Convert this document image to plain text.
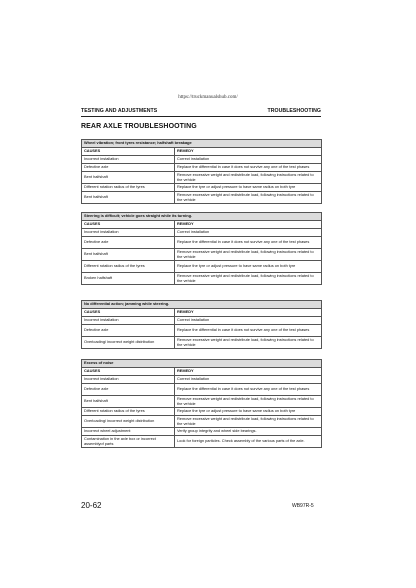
https://truckmanualshub.com/
TESTING AND ADJUSTMENTS	TROUBLESHOOTING
REAR AXLE TROUBLESHOOTING
Wheel vibration; front tyres resistance; halfshaft breakage	
CAUSES	REMEDY
Incorrect installation	Correct installation
Defective axle	Replace the differential in case it does not survive any one of the test phases
Bent halfshaft	Remove excessive weight and redistribute load, following instructions related to the vehicle
Different rotation radius of the tyres	Replace the tyre or adjust pressure to have same radius on both tyre
Bent halfshaft	Remove excessive weight and redistribute load, following instructions related to the vehicle
Steering is difficult; vehicle goes straight while its turning.	
CAUSES	REMEDY
Incorrect installation	Correct installation
Defective axle	Replace the differential in case it does not survive any one of the test phases
Bent halfshaft	Remove excessive weight and redistribute load, following instructions related to the vehicle
Different rotation radius of the tyres	Replace the tyre or adjust pressure to have same radius on both tyre
Broken halfshaft	Remove excessive weight and redistribute load, following instructions related to the vehicle
No differential action; jamming while steering.	
CAUSES	REMEDY
Incorrect installation	Correct installation
Defective axle	Replace the differential in case it does not survive any one of the test phases
Overloading/ incorrect weight distribution	Remove excessive weight and redistribute load, following instructions related to the vehicle
Excess of noise	
CAUSES	REMEDY
Incorrect installation	Correct installation
Defective axle	Replace the differential in case it does not survive any one of the test phases
Bent halfshaft	Remove excessive weight and redistribute load, following instructions related to the vehicle
Different rotation radius of the tyres	Replace the tyre or adjust pressure to have same radius on both tyre
Overloading/ incorrect weight distribution	Remove excessive weight and redistribute load, following instructions related to the vehicle
Incorrect wheel adjustment	Verify group integrity and wheel side bearings.
Contamination in the axle box or incorrect assemblyof parts	Look for foreign particles. Check assembly of the various parts of the axle.
20-62	WB97R-5
